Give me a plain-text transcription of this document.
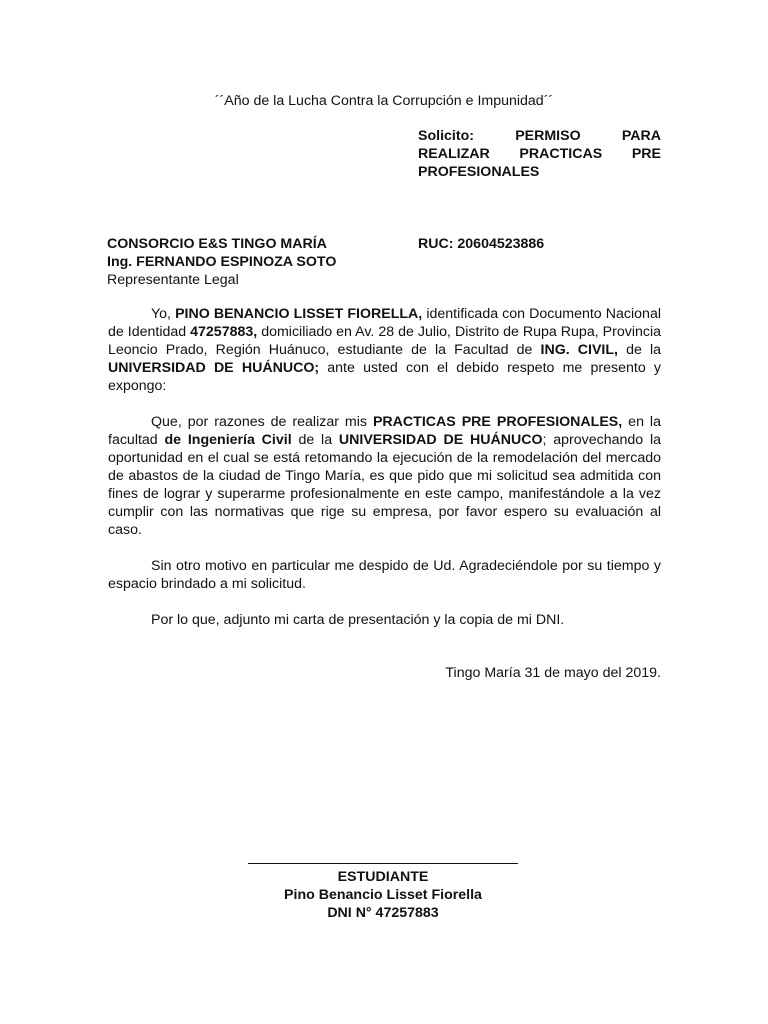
´´Año de la Lucha Contra la Corrupción e Impunidad´´
Solicito: PERMISO PARA
REALIZAR PRACTICAS PRE
PROFESIONALES
CONSORCIO E&S TINGO MARÍA
Ing. FERNANDO ESPINOZA SOTO
Representante Legal
RUC: 20604523886

Yo, PINO BENANCIO LISSET FIORELLA, identificada con Documento Nacional de Identidad 47257883, domiciliado en Av. 28 de Julio, Distrito de Rupa Rupa, Provincia Leoncio Prado, Región Huánuco, estudiante de la Facultad de ING. CIVIL, de la UNIVERSIDAD DE HUÁNUCO; ante usted con el debido respeto me presento y expongo:

Que, por razones de realizar mis PRACTICAS PRE PROFESIONALES, en la facultad de Ingeniería Civil de la UNIVERSIDAD DE HUÁNUCO; aprovechando la oportunidad en el cual se está retomando la ejecución de la remodelación del mercado de abastos de la ciudad de Tingo María, es que pido que mi solicitud sea admitida con fines de lograr y superarme profesionalmente en este campo, manifestándole a la vez cumplir con las normativas que rige su empresa, por favor espero su evaluación al caso.

Sin otro motivo en particular me despido de Ud. Agradeciéndole por su tiempo y espacio brindado a mi solicitud.

Por lo que, adjunto mi carta de presentación y la copia de mi DNI.

Tingo María 31 de mayo del 2019.
ESTUDIANTE
Pino Benancio Lisset Fiorella
DNI N° 47257883
